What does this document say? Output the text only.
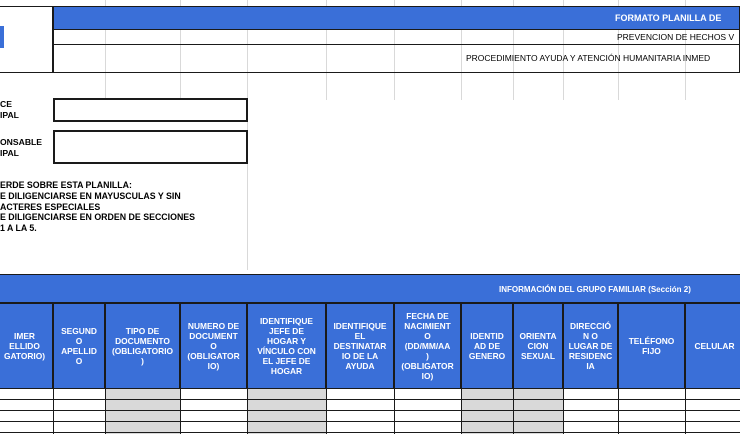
FORMATO PLANILLA DE
PREVENCION DE HECHOS V
PROCEDIMIENTO AYUDA Y ATENCIÓN HUMANITARIA INMED
CE
IPAL
ONSABLE
IPAL
ERDE SOBRE ESTA PLANILLA:
E DILIGENCIARSE EN MAYUSCULAS Y SIN
ACTERES ESPECIALES
E DILIGENCIARSE EN ORDEN DE SECCIONES
1 A LA 5.
INFORMACIÓN DEL GRUPO FAMILIAR (Sección 2)
IMER
ELLIDO
GATORIO)
SEGUND
O
APELLID
O
TIPO DE
DOCUMENTO
(OBLIGATORIO
)
NUMERO DE
DOCUMENT
O
(OBLIGATOR
IO)
IDENTIFIQUE
JEFE DE
HOGAR Y
VÍNCULO CON
EL JEFE DE
HOGAR
IDENTIFIQUE
EL
DESTINATAR
IO DE LA
AYUDA
FECHA DE
NACIMIENT
O
(DD/MM/AA
)
(OBLIGATOR
IO)
IDENTID
AD DE
GENERO
ORIENTA
CION
SEXUAL
DIRECCIÓ
N O
LUGAR DE
RESIDENC
IA
TELÉFONO
FIJO	CELULAR
